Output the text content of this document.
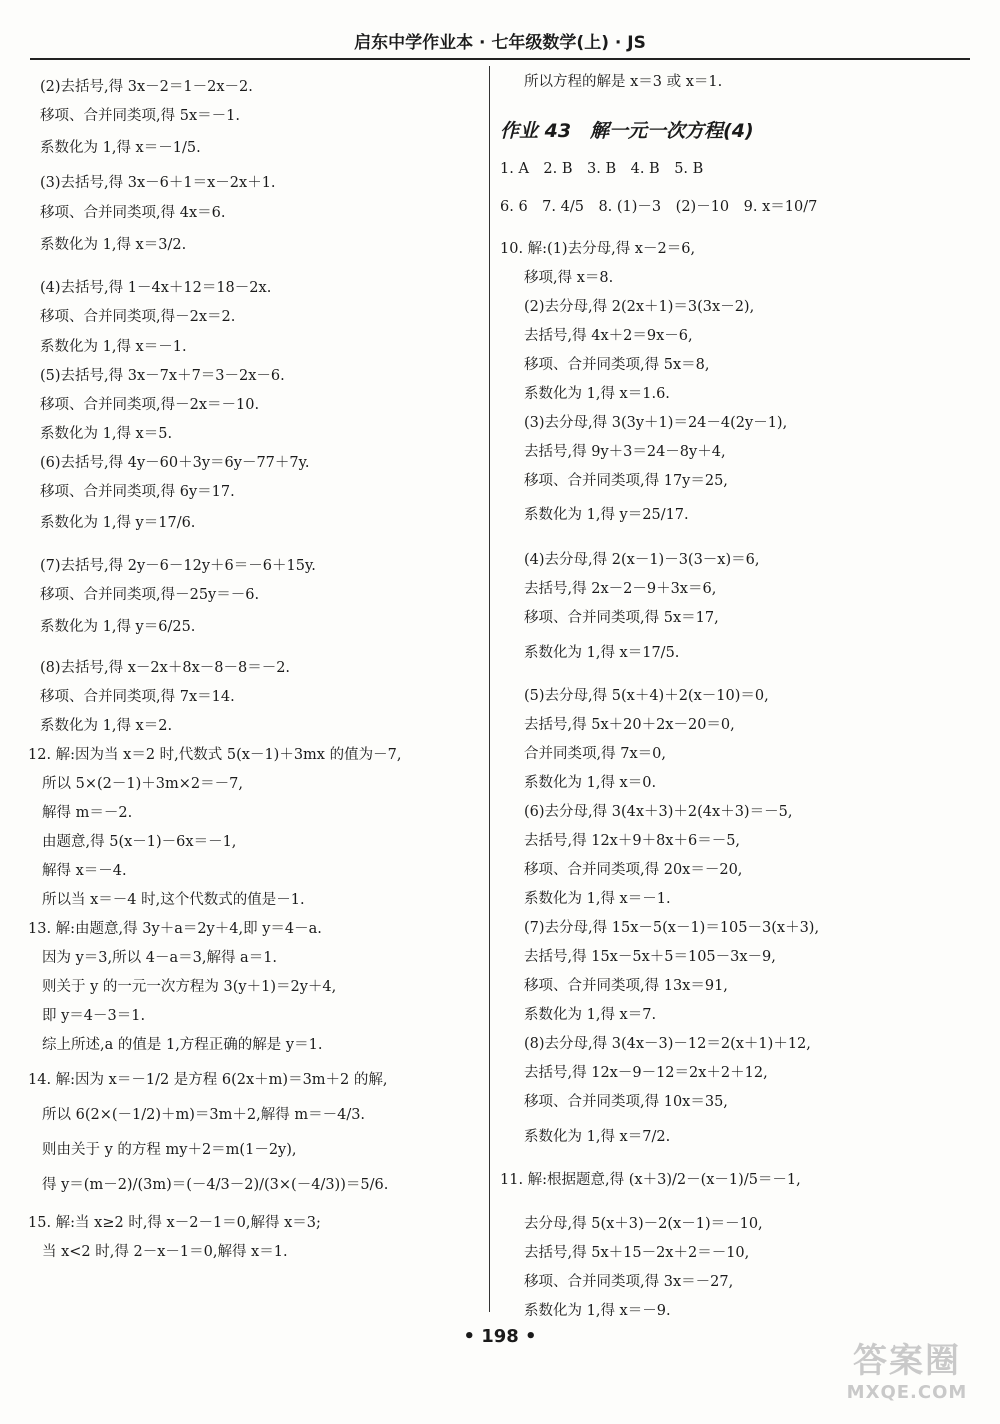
启东中学作业本 · 七年级数学(上) · JS
(2)去括号,得 3x－2＝1－2x－2.
移项、合并同类项,得 5x＝－1.
系数化为 1,得 x＝－1/5.
(3)去括号,得 3x－6＋1＝x－2x＋1.
移项、合并同类项,得 4x＝6.
系数化为 1,得 x＝3/2.
(4)去括号,得 1－4x＋12＝18－2x.
移项、合并同类项,得－2x＝2.
系数化为 1,得 x＝－1.
(5)去括号,得 3x－7x＋7＝3－2x－6.
移项、合并同类项,得－2x＝－10.
系数化为 1,得 x＝5.
(6)去括号,得 4y－60＋3y＝6y－77＋7y.
移项、合并同类项,得 6y＝17.
系数化为 1,得 y＝17/6.
(7)去括号,得 2y－6－12y＋6＝－6＋15y.
移项、合并同类项,得－25y＝－6.
系数化为 1,得 y＝6/25.
(8)去括号,得 x－2x＋8x－8－8＝－2.
移项、合并同类项,得 7x＝14.
系数化为 1,得 x＝2.
12. 解:因为当 x＝2 时,代数式 5(x－1)＋3mx 的值为－7,
所以 5×(2－1)＋3m×2＝－7,
解得 m＝－2.
由题意,得 5(x－1)－6x＝－1,
解得 x＝－4.
所以当 x＝－4 时,这个代数式的值是－1.
13. 解:由题意,得 3y＋a＝2y＋4,即 y＝4－a.
因为 y＝3,所以 4－a＝3,解得 a＝1.
则关于 y 的一元一次方程为 3(y＋1)＝2y＋4,
即 y＝4－3＝1.
综上所述,a 的值是 1,方程正确的解是 y＝1.
14. 解:因为 x＝－1/2 是方程 6(2x＋m)＝3m＋2 的解,
所以 6(2×(－1/2)＋m)＝3m＋2,解得 m＝－4/3.
则由关于 y 的方程 my＋2＝m(1－2y),
得 y＝(m－2)/(3m)＝(－4/3－2)/(3×(－4/3))＝5/6.
15. 解:当 x≥2 时,得 x－2－1＝0,解得 x＝3;
当 x<2 时,得 2－x－1＝0,解得 x＝1.
所以方程的解是 x＝3 或 x＝1.
作业 43　解一元一次方程(4)
1. A　2. B　3. B　4. B　5. B
6. 6　7. 4/5　8. (1)－3　(2)－10　9. x＝10/7
10. 解:(1)去分母,得 x－2＝6,
移项,得 x＝8.
(2)去分母,得 2(2x＋1)＝3(3x－2),
去括号,得 4x＋2＝9x－6,
移项、合并同类项,得 5x＝8,
系数化为 1,得 x＝1.6.
(3)去分母,得 3(3y＋1)＝24－4(2y－1),
去括号,得 9y＋3＝24－8y＋4,
移项、合并同类项,得 17y＝25,
系数化为 1,得 y＝25/17.
(4)去分母,得 2(x－1)－3(3－x)＝6,
去括号,得 2x－2－9＋3x＝6,
移项、合并同类项,得 5x＝17,
系数化为 1,得 x＝17/5.
(5)去分母,得 5(x＋4)＋2(x－10)＝0,
去括号,得 5x＋20＋2x－20＝0,
合并同类项,得 7x＝0,
系数化为 1,得 x＝0.
(6)去分母,得 3(4x＋3)＋2(4x＋3)＝－5,
去括号,得 12x＋9＋8x＋6＝－5,
移项、合并同类项,得 20x＝－20,
系数化为 1,得 x＝－1.
(7)去分母,得 15x－5(x－1)＝105－3(x＋3),
去括号,得 15x－5x＋5＝105－3x－9,
移项、合并同类项,得 13x＝91,
系数化为 1,得 x＝7.
(8)去分母,得 3(4x－3)－12＝2(x＋1)＋12,
去括号,得 12x－9－12＝2x＋2＋12,
移项、合并同类项,得 10x＝35,
系数化为 1,得 x＝7/2.
11. 解:根据题意,得 (x＋3)/2－(x－1)/5＝－1,
去分母,得 5(x＋3)－2(x－1)＝－10,
去括号,得 5x＋15－2x＋2＝－10,
移项、合并同类项,得 3x＝－27,
系数化为 1,得 x＝－9.
• 198 •
答案圈
MXQE.COM
